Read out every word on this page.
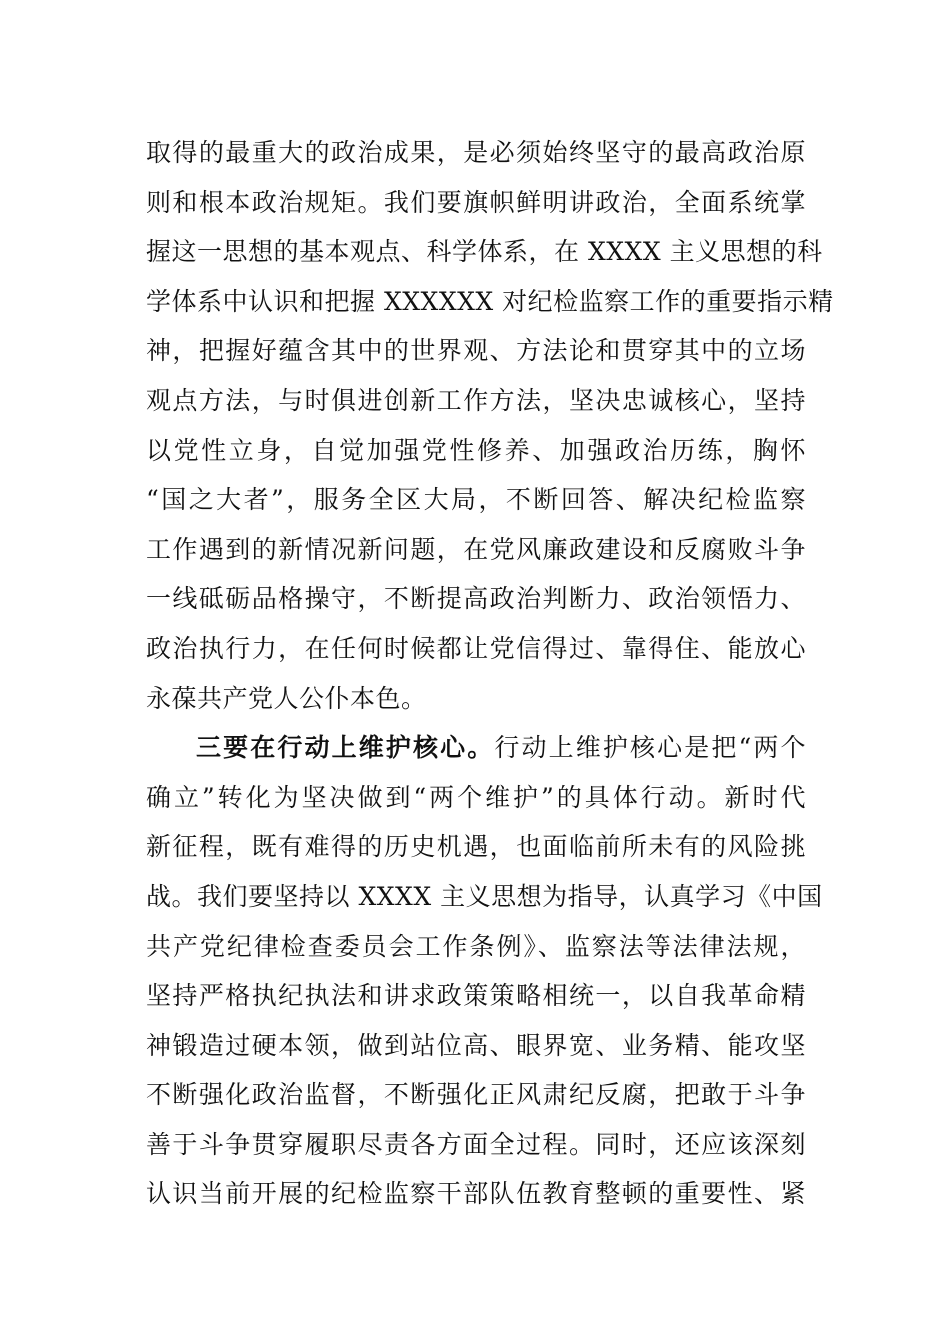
取得的最重大的政治成果，是必须始终坚守的最高政治原
则和根本政治规矩。我们要旗帜鲜明讲政治，全面系统掌
握这一思想的基本观点、科学体系，在 XXXX 主义思想的科
学体系中认识和把握 XXXXXX 对纪检监察工作的重要指示精
神，把握好蕴含其中的世界观、方法论和贯穿其中的立场
观点方法，与时俱进创新工作方法，坚决忠诚核心，坚持
以党性立身，自觉加强党性修养、加强政治历练，胸怀
“国之大者”，服务全区大局，不断回答、解决纪检监察
工作遇到的新情况新问题，在党风廉政建设和反腐败斗争
一线砥砺品格操守，不断提高政治判断力、政治领悟力、
政治执行力，在任何时候都让党信得过、靠得住、能放心
永葆共产党人公仆本色。
三要在行动上维护核心。行动上维护核心是把“两个
确立”转化为坚决做到“两个维护”的具体行动。新时代
新征程，既有难得的历史机遇，也面临前所未有的风险挑
战。我们要坚持以 XXXX 主义思想为指导，认真学习《中国
共产党纪律检查委员会工作条例》、监察法等法律法规，
坚持严格执纪执法和讲求政策策略相统一，以自我革命精
神锻造过硬本领，做到站位高、眼界宽、业务精、能攻坚
不断强化政治监督，不断强化正风肃纪反腐，把敢于斗争
善于斗争贯穿履职尽责各方面全过程。同时，还应该深刻
认识当前开展的纪检监察干部队伍教育整顿的重要性、紧
